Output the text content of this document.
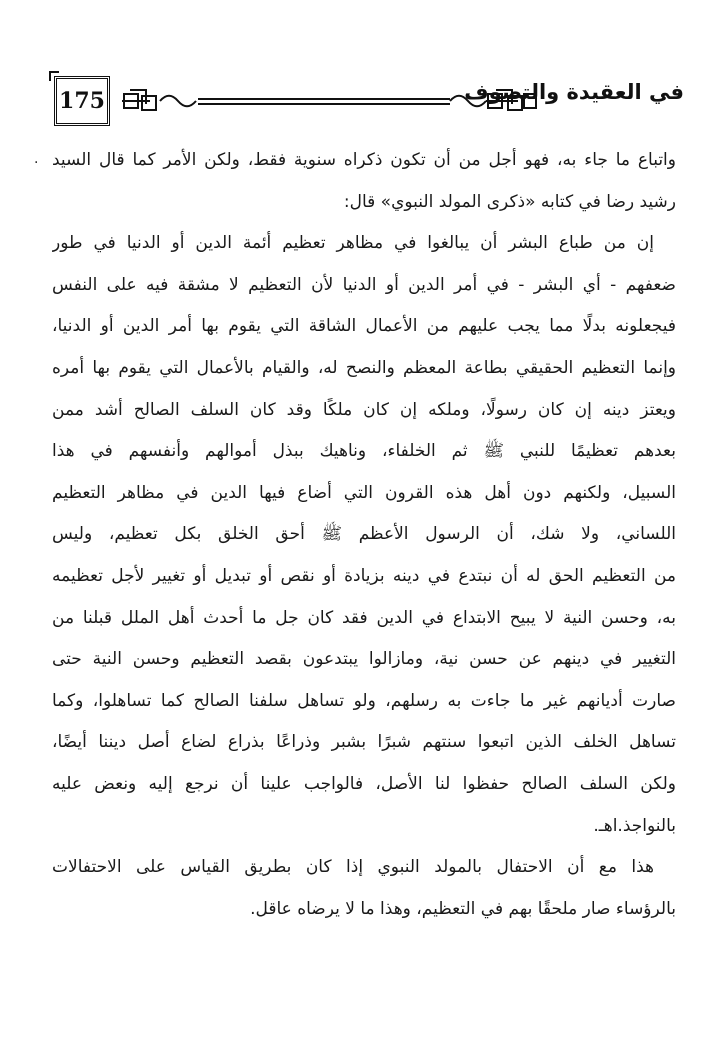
175	في العقيدة والتصوف
. واتباع ما جاء به، فهو أجل من أن تكون ذكراه سنوية فقط، ولكن الأمر كما قال السيد
رشيد رضا في كتابه «ذكرى المولد النبوي» قال:
إن من طباع البشر أن يبالغوا في مظاهر تعظيم أئمة الدين أو الدنيا في طور
ضعفهم - أي البشر - في أمر الدين أو الدنيا لأن التعظيم لا مشقة فيه على النفس
فيجعلونه بدلًا مما يجب عليهم من الأعمال الشاقة التي يقوم بها أمر الدين أو الدنيا،
وإنما التعظيم الحقيقي بطاعة المعظم والنصح له، والقيام بالأعمال التي يقوم بها أمره
ويعتز دينه إن كان رسولًا، وملكه إن كان ملكًا وقد كان السلف الصالح أشد ممن
بعدهم تعظيمًا للنبي ﷺ ثم الخلفاء، وناهيك ببذل أموالهم وأنفسهم في هذا
السبيل، ولكنهم دون أهل هذه القرون التي أضاع فيها الدين في مظاهر التعظيم
اللساني، ولا شك، أن الرسول الأعظم ﷺ أحق الخلق بكل تعظيم، وليس
من التعظيم الحق له أن نبتدع في دينه بزيادة أو نقص أو تبديل أو تغيير لأجل تعظيمه
به، وحسن النية لا يبيح الابتداع في الدين فقد كان جل ما أحدث أهل الملل قبلنا من
التغيير في دينهم عن حسن نية، ومازالوا يبتدعون بقصد التعظيم وحسن النية حتى
صارت أديانهم غير ما جاءت به رسلهم، ولو تساهل سلفنا الصالح كما تساهلوا، وكما
تساهل الخلف الذين اتبعوا سنتهم شبرًا بشبر وذراعًا بذراع لضاع أصل ديننا أيضًا،
ولكن السلف الصالح حفظوا لنا الأصل، فالواجب علينا أن نرجع إليه ونعض عليه
بالنواجذ.اهـ.
هذا مع أن الاحتفال بالمولد النبوي إذا كان بطريق القياس على الاحتفالات
بالرؤساء صار ملحقًا بهم في التعظيم، وهذا ما لا يرضاه عاقل.
